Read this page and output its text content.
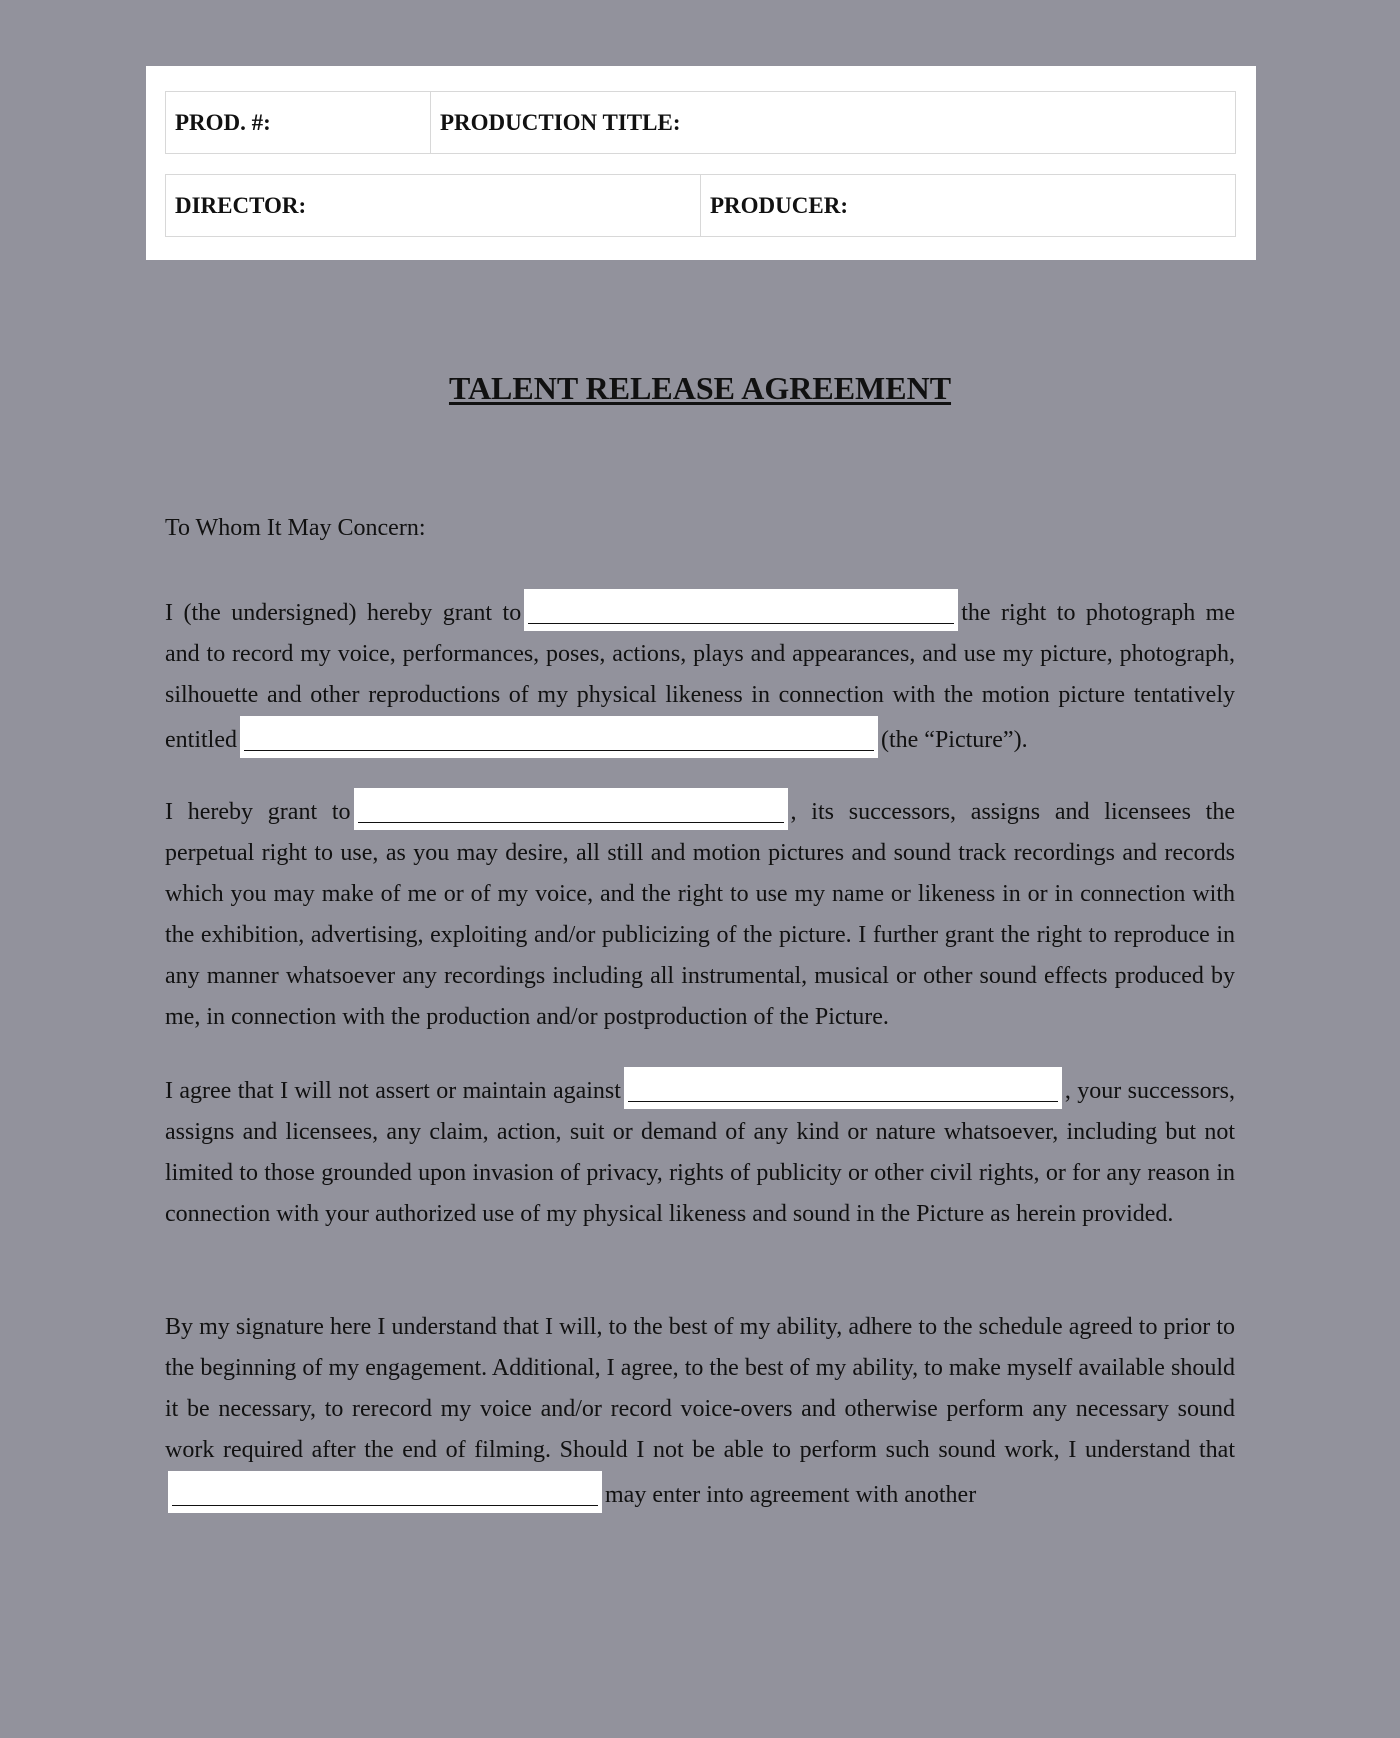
PROD. #:	PRODUCTION TITLE:
DIRECTOR:	PRODUCER:
TALENT RELEASE AGREEMENT

To Whom It May Concern:

I (the undersigned) hereby grant to	the right to photograph me and to record my voice, performances, poses, actions, plays and appearances, and use my picture, photograph, silhouette and other reproductions of my physical likeness in connection with the motion picture tentatively entitled	(the “Picture”).

I hereby grant to	, its successors, assigns and licensees the perpetual right to use, as you may desire, all still and motion pictures and sound track recordings and records which you may make of me or of my voice, and the right to use my name or likeness in or in connection with the exhibition, advertising, exploiting and/or publicizing of the picture. I further grant the right to reproduce in any manner whatsoever any recordings including all instrumental, musical or other sound effects produced by me, in connection with the production and/or postproduction of the Picture.

I agree that I will not assert or maintain against	, your successors, assigns and licensees, any claim, action, suit or demand of any kind or nature whatsoever, including but not limited to those grounded upon invasion of privacy, rights of publicity or other civil rights, or for any reason in connection with your authorized use of my physical likeness and sound in the Picture as herein provided.

By my signature here I understand that I will, to the best of my ability, adhere to the schedule agreed to prior to the beginning of my engagement. Additional, I agree, to the best of my ability, to make myself available should it be necessary, to rerecord my voice and/or record voice-overs and otherwise perform any necessary sound work required after the end of filming. Should I not be able to perform such sound work, I understand thatmay enter into agreement with another
